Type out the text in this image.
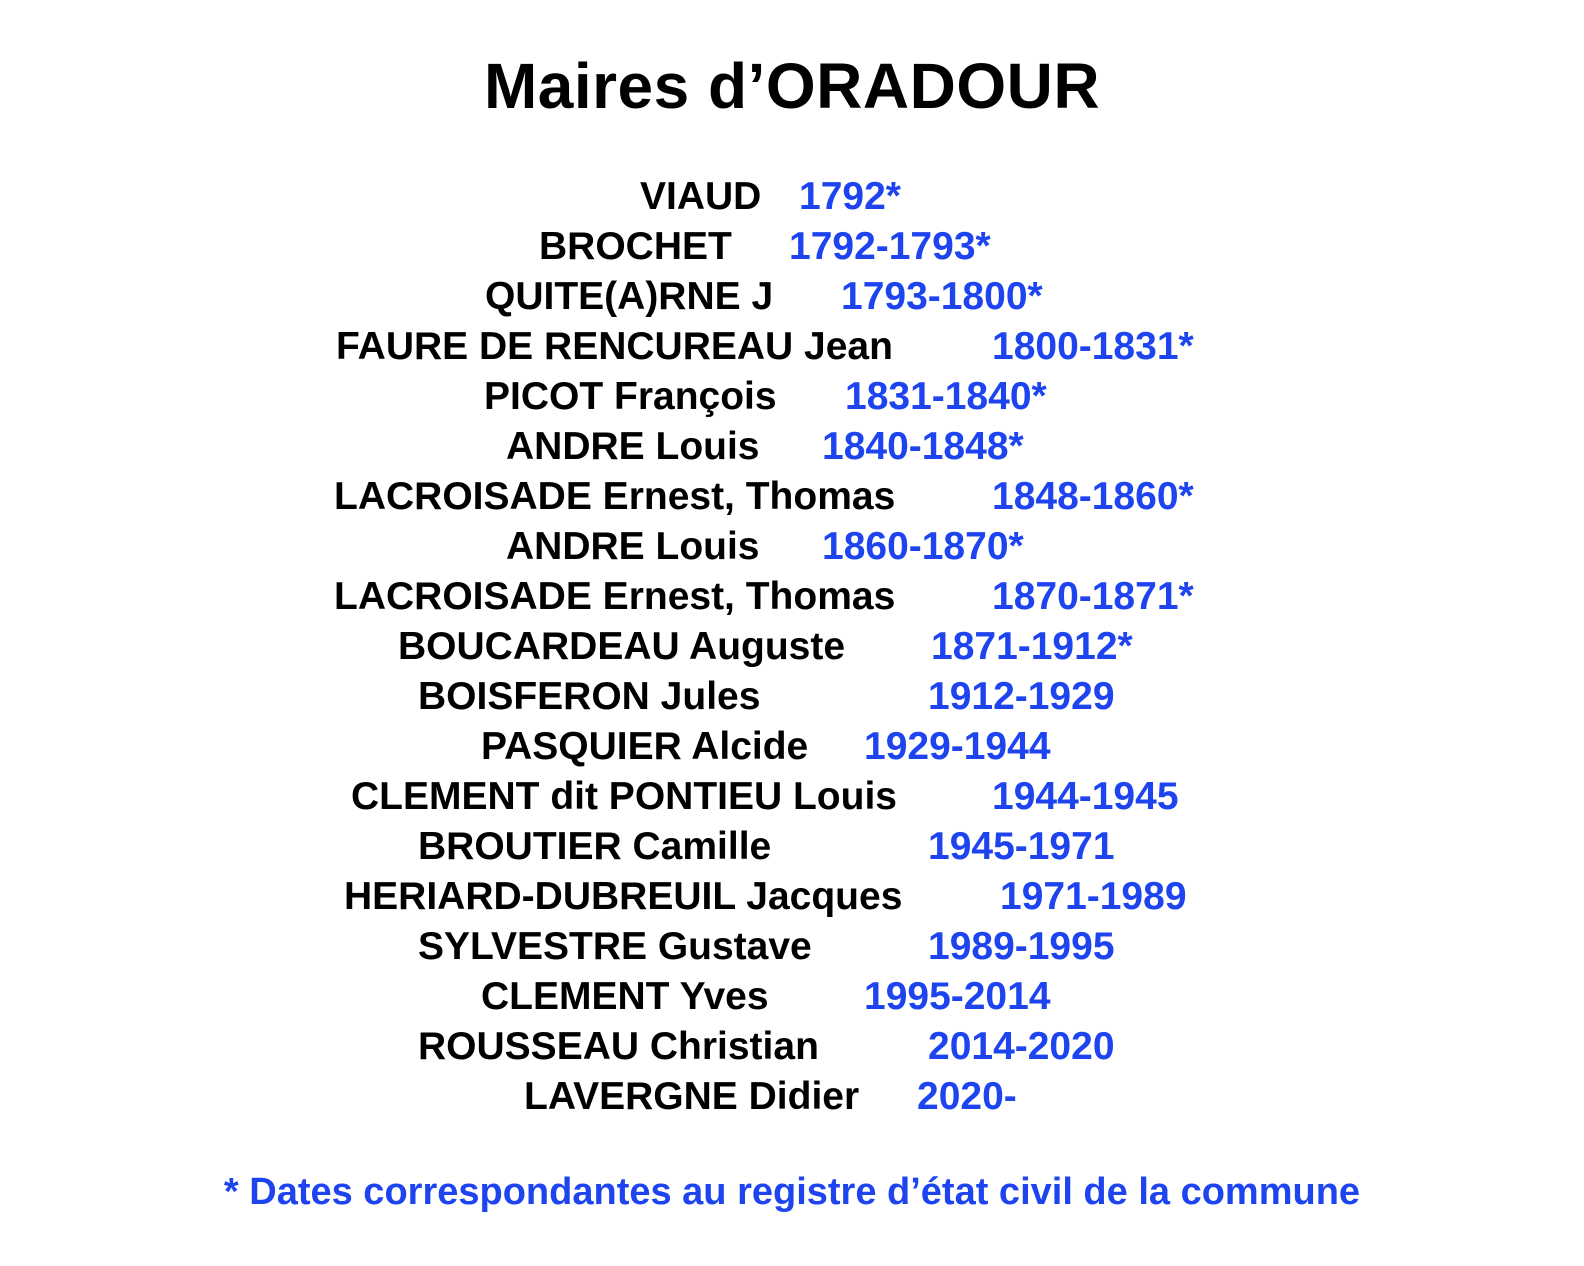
Maires d’ORADOUR
VIAUD 1792*
BROCHET 1792-1793*
QUITE(A)RNE J 1793-1800*
FAURE DE RENCUREAU Jean	1800-1831*
PICOT François 1831-1840*
ANDRE Louis 1840-1848*
LACROISADE Ernest, Thomas 1848-1860*
ANDRE Louis 1860-1870*
LACROISADE Ernest, Thomas 1870-1871*
BOUCARDEAU Auguste 1871-1912*
BOISFERON Jules	1912-1929
PASQUIER Alcide 1929-1944
CLEMENT dit PONTIEU Louis 1944-1945
BROUTIER Camille	1945-1971
HERIARD-DUBREUIL Jacques	1971-1989
SYLVESTRE Gustave	1989-1995
CLEMENT Yves 1995-2014
ROUSSEAU Christian	2014-2020
LAVERGNE Didier 2020-
* Dates correspondantes au registre d’état civil de la commune
